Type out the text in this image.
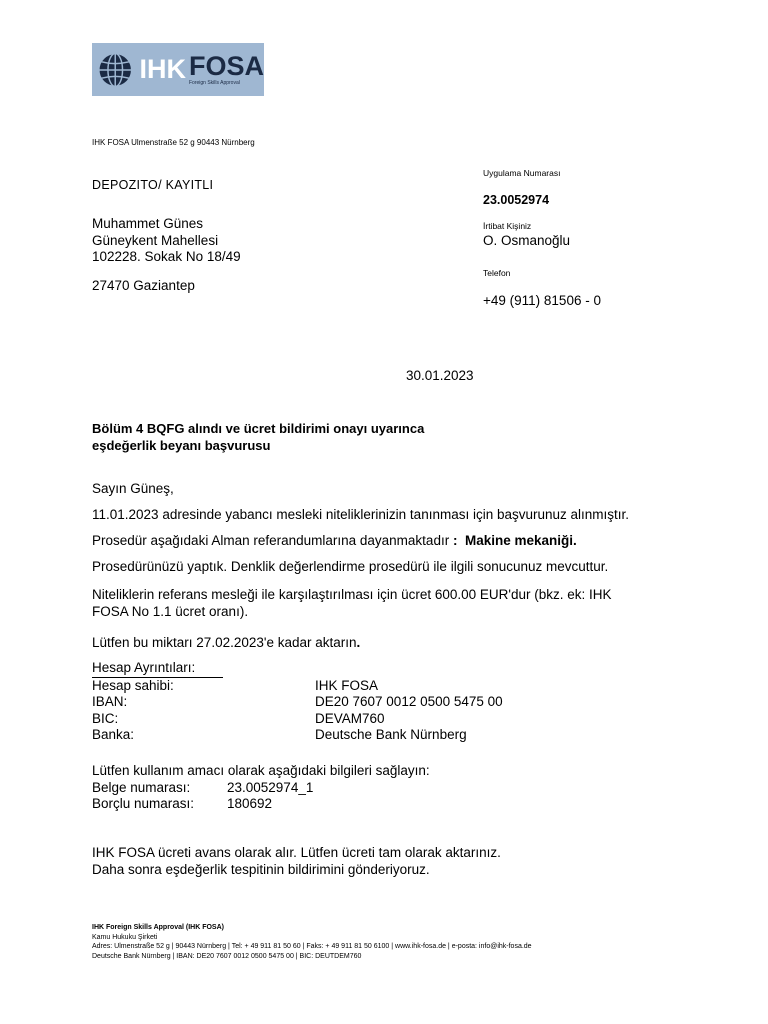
IHK FOSA
Foreign Skills Approval
IHK FOSA Ulmenstraße 52 g 90443 Nürnberg
DEPOZITO/ KAYITLI
Muhammet Günes
Güneykent Mahellesi
102228. Sokak No 18/49
27470 Gaziantep
Uygulama Numarası
23.0052974
İrtibat Kişiniz
O. Osmanoğlu
Telefon
+49 (911) 81506 - 0
30.01.2023
Bölüm 4 BQFG alındı ve ücret bildirimi onayı uyarınca
eşdeğerlik beyanı başvurusu
Sayın Güneş,
11.01.2023 adresinde yabancı mesleki niteliklerinizin tanınması için başvurunuz alınmıştır.
Prosedür aşağıdaki Alman referandumlarına dayanmaktadır : Makine mekaniği.
Prosedürünüzü yaptık. Denklik değerlendirme prosedürü ile ilgili sonucunuz mevcuttur.
Niteliklerin referans mesleği ile karşılaştırılması için ücret 600.00 EUR'dur (bkz. ek: IHK
FOSA No 1.1 ücret oranı).
Lütfen bu miktarı 27.02.2023'e kadar aktarın.
Hesap Ayrıntıları:
Hesap sahibi:	IHK FOSA
IBAN:	DE20 7607 0012 0500 5475 00
BIC:	DEVAM760
Banka:	Deutsche Bank Nürnberg
Lütfen kullanım amacı olarak aşağıdaki bilgileri sağlayın:
Belge numarası:	23.0052974_1
Borçlu numarası:	180692
IHK FOSA ücreti avans olarak alır. Lütfen ücreti tam olarak aktarınız.
Daha sonra eşdeğerlik tespitinin bildirimini gönderiyoruz.
IHK Foreign Skills Approval (IHK FOSA)
Kamu Hukuku Şirketi
Adres: Ulmenstraße 52 g | 90443 Nürnberg | Tel: + 49 911 81 50 60 | Faks: + 49 911 81 50 6100 | www.ihk-fosa.de | e-posta: info@ihk-fosa.de
Deutsche Bank Nürnberg | IBAN: DE20 7607 0012 0500 5475 00 | BIC: DEUTDEM760
